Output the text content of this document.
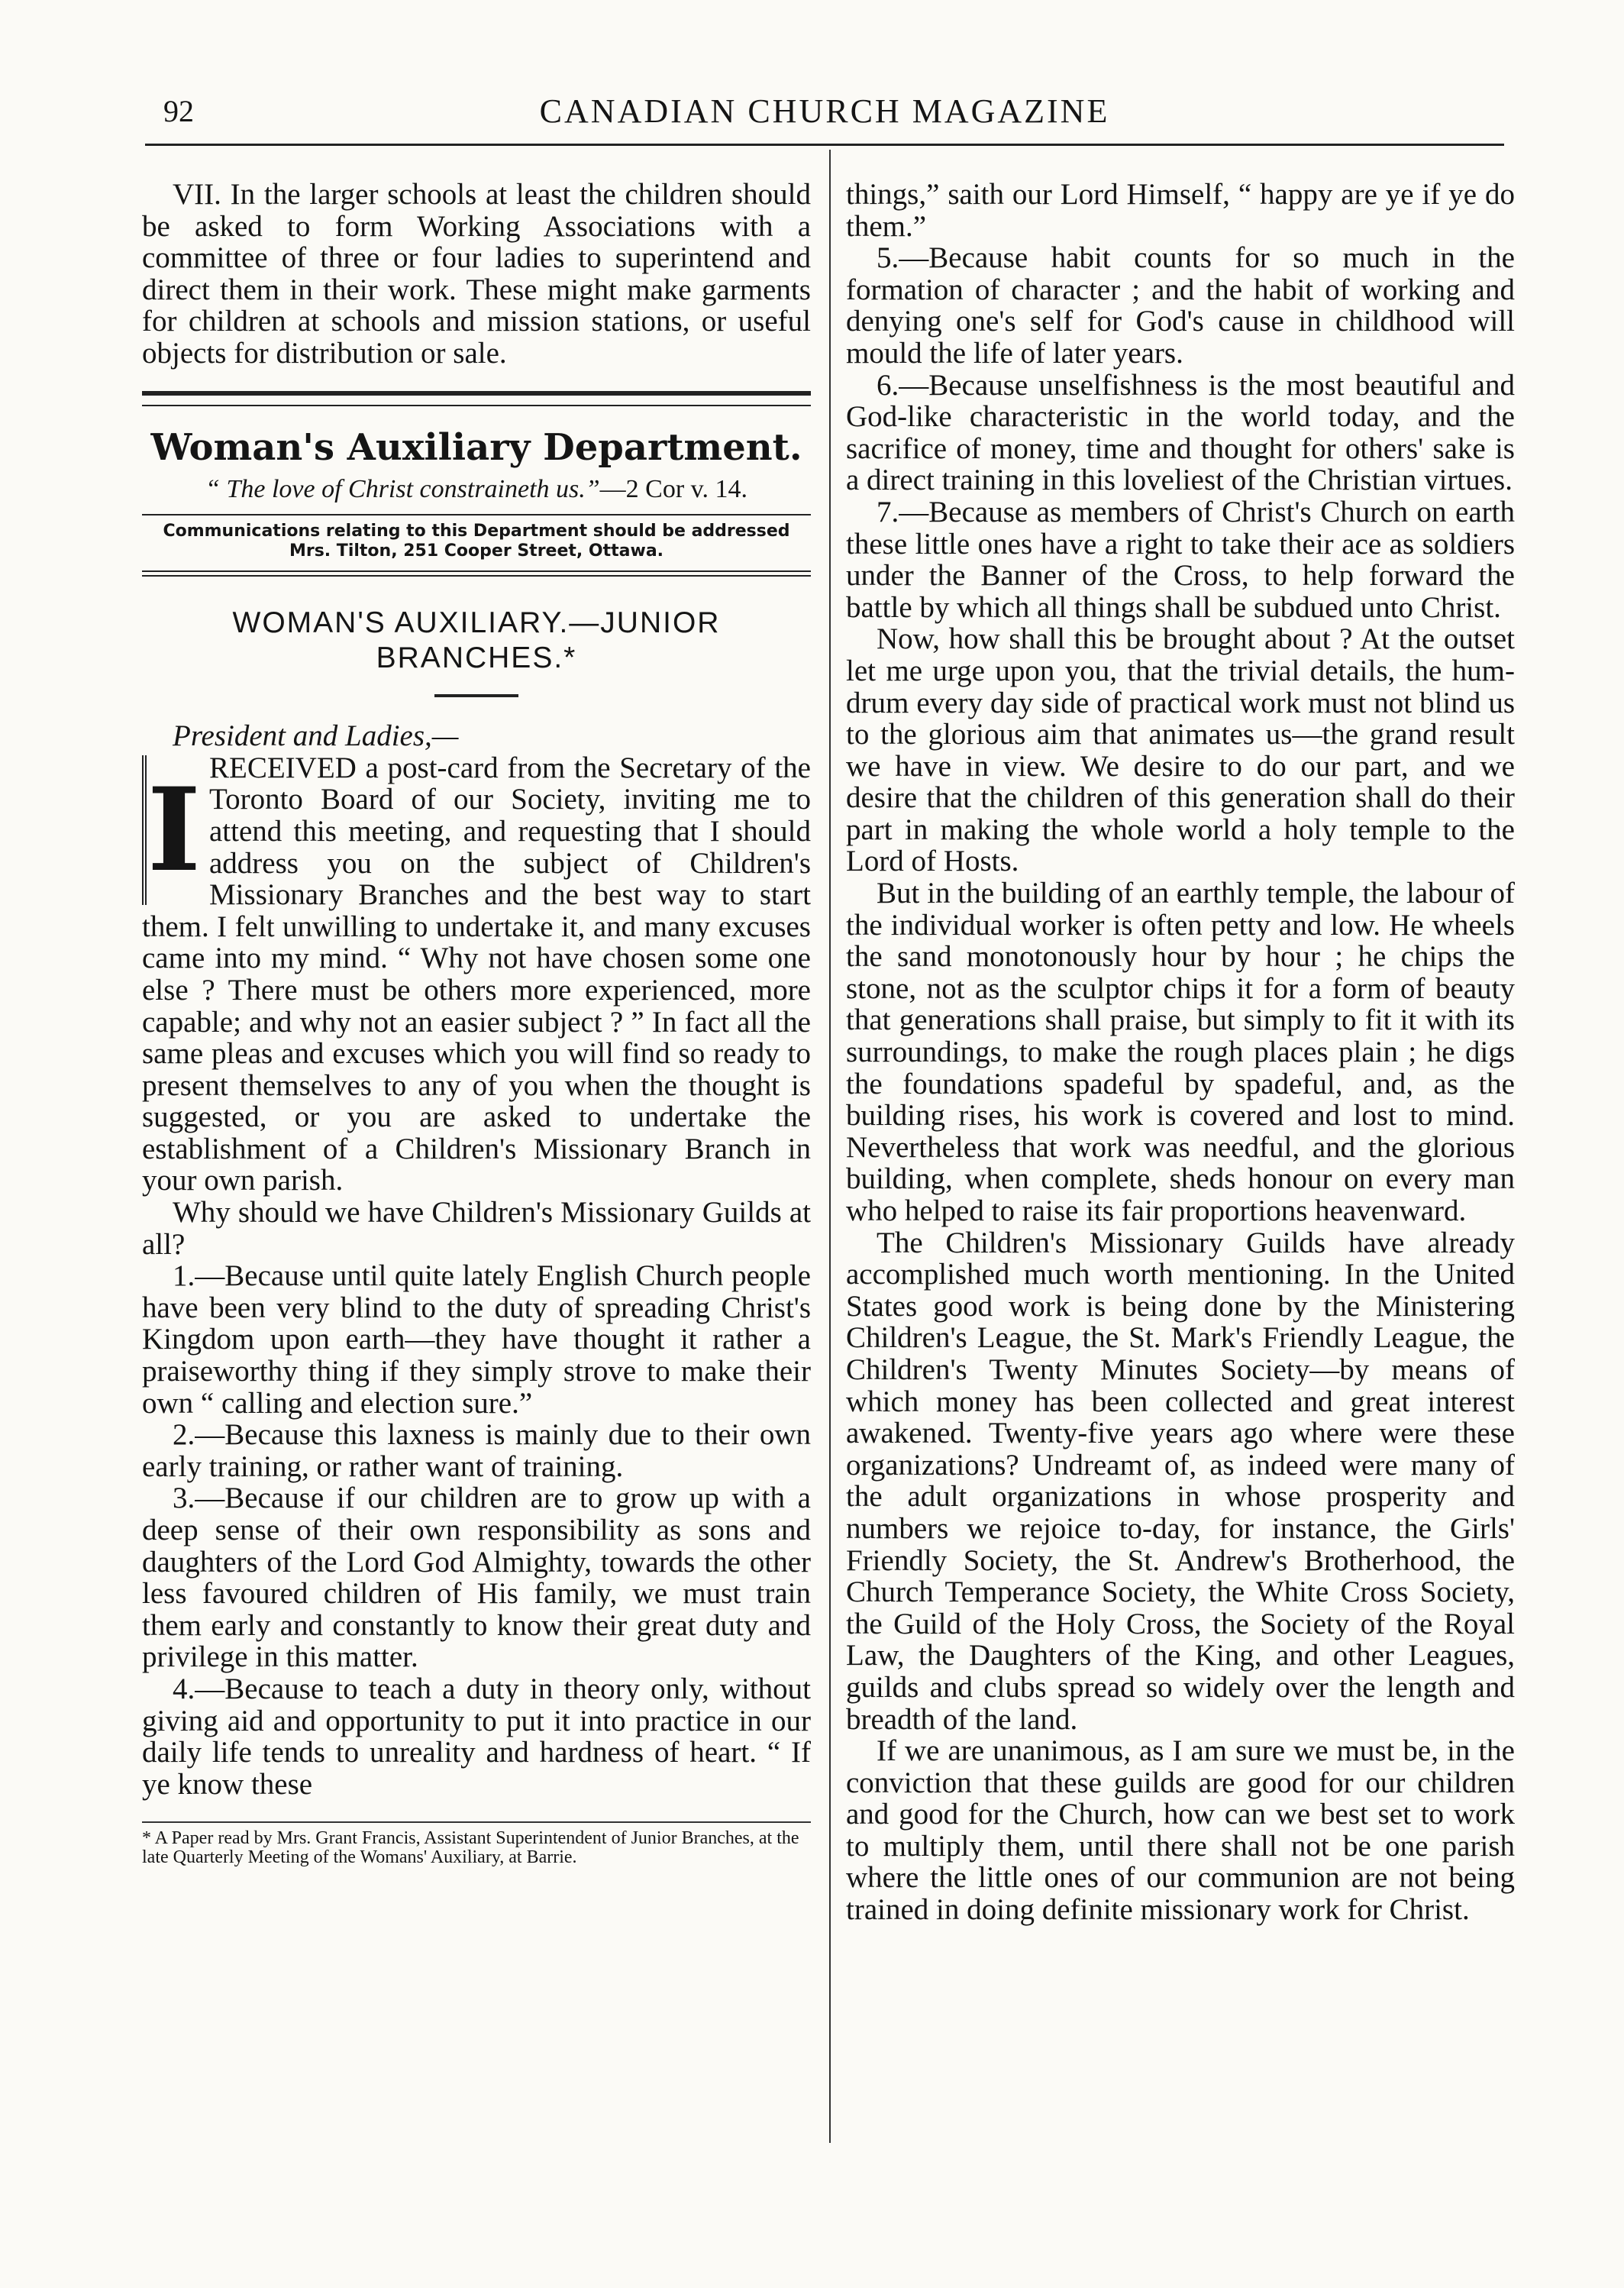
92	CANADIAN CHURCH MAGAZINE

VII. In the larger schools at least the children should be asked to form Working Associations with a committee of three or four ladies to superintend and direct them in their work. These might make garments for children at schools and mission stations, or useful objects for distribution or sale.

Woman's Auxiliary Department.
“ The love of Christ constraineth us.”—2 Cor v. 14.
Communications relating to this Department should be addressed Mrs. Tilton, 251 Cooper Street, Ottawa.
WOMAN'S AUXILIARY.—JUNIOR BRANCHES.*

President and Ladies,—

I RECEIVED a post-card from the Secretary of the Toronto Board of our Society, inviting me to attend this meeting, and requesting that I should address you on the subject of Children's Missionary Branches and the best way to start them. I felt unwilling to undertake it, and many excuses came into my mind. “ Why not have chosen some one else ? There must be others more experienced, more capable; and why not an easier subject ? ” In fact all the same pleas and excuses which you will find so ready to present themselves to any of you when the thought is suggested, or you are asked to undertake the establishment of a Children's Missionary Branch in your own parish.

Why should we have Children's Missionary Guilds at all?

1.—Because until quite lately English Church people have been very blind to the duty of spreading Christ's Kingdom upon earth—they have thought it rather a praiseworthy thing if they simply strove to make their own “ calling and election sure.”

2.—Because this laxness is mainly due to their own early training, or rather want of training.

3.—Because if our children are to grow up with a deep sense of their own responsibility as sons and daughters of the Lord God Almighty, towards the other less favoured children of His family, we must train them early and constantly to know their great duty and privilege in this matter.

4.—Because to teach a duty in theory only, without giving aid and opportunity to put it into practice in our daily life tends to unreality and hardness of heart. “ If ye know these

* A Paper read by Mrs. Grant Francis, Assistant Superintendent of Junior Branches, at the late Quarterly Meeting of the Womans' Auxiliary, at Barrie.

things,” saith our Lord Himself, “ happy are ye if ye do them.”

5.—Because habit counts for so much in the formation of character ; and the habit of working and denying one's self for God's cause in childhood will mould the life of later years.

6.—Because unselfishness is the most beautiful and God-like characteristic in the world today, and the sacrifice of money, time and thought for others' sake is a direct training in this loveliest of the Christian virtues.

7.—Because as members of Christ's Church on earth these little ones have a right to take their ace as soldiers under the Banner of the Cross, to help forward the battle by which all things shall be subdued unto Christ.

Now, how shall this be brought about ? At the outset let me urge upon you, that the trivial details, the hum-drum every day side of practical work must not blind us to the glorious aim that animates us—the grand result we have in view. We desire to do our part, and we desire that the children of this generation shall do their part in making the whole world a holy temple to the Lord of Hosts.

But in the building of an earthly temple, the labour of the individual worker is often petty and low. He wheels the sand monotonously hour by hour ; he chips the stone, not as the sculptor chips it for a form of beauty that generations shall praise, but simply to fit it with its surroundings, to make the rough places plain ; he digs the foundations spadeful by spadeful, and, as the building rises, his work is covered and lost to mind. Nevertheless that work was needful, and the glorious building, when complete, sheds honour on every man who helped to raise its fair proportions heavenward.

The Children's Missionary Guilds have already accomplished much worth mentioning. In the United States good work is being done by the Ministering Children's League, the St. Mark's Friendly League, the Children's Twenty Minutes Society—by means of which money has been collected and great interest awakened. Twenty-five years ago where were these organizations? Undreamt of, as indeed were many of the adult organizations in whose prosperity and numbers we rejoice to-day, for instance, the Girls' Friendly Society, the St. Andrew's Brotherhood, the Church Temperance Society, the White Cross Society, the Guild of the Holy Cross, the Society of the Royal Law, the Daughters of the King, and other Leagues, guilds and clubs spread so widely over the length and breadth of the land.

If we are unanimous, as I am sure we must be, in the conviction that these guilds are good for our children and good for the Church, how can we best set to work to multiply them, until there shall not be one parish where the little ones of our communion are not being trained in doing definite missionary work for Christ.
